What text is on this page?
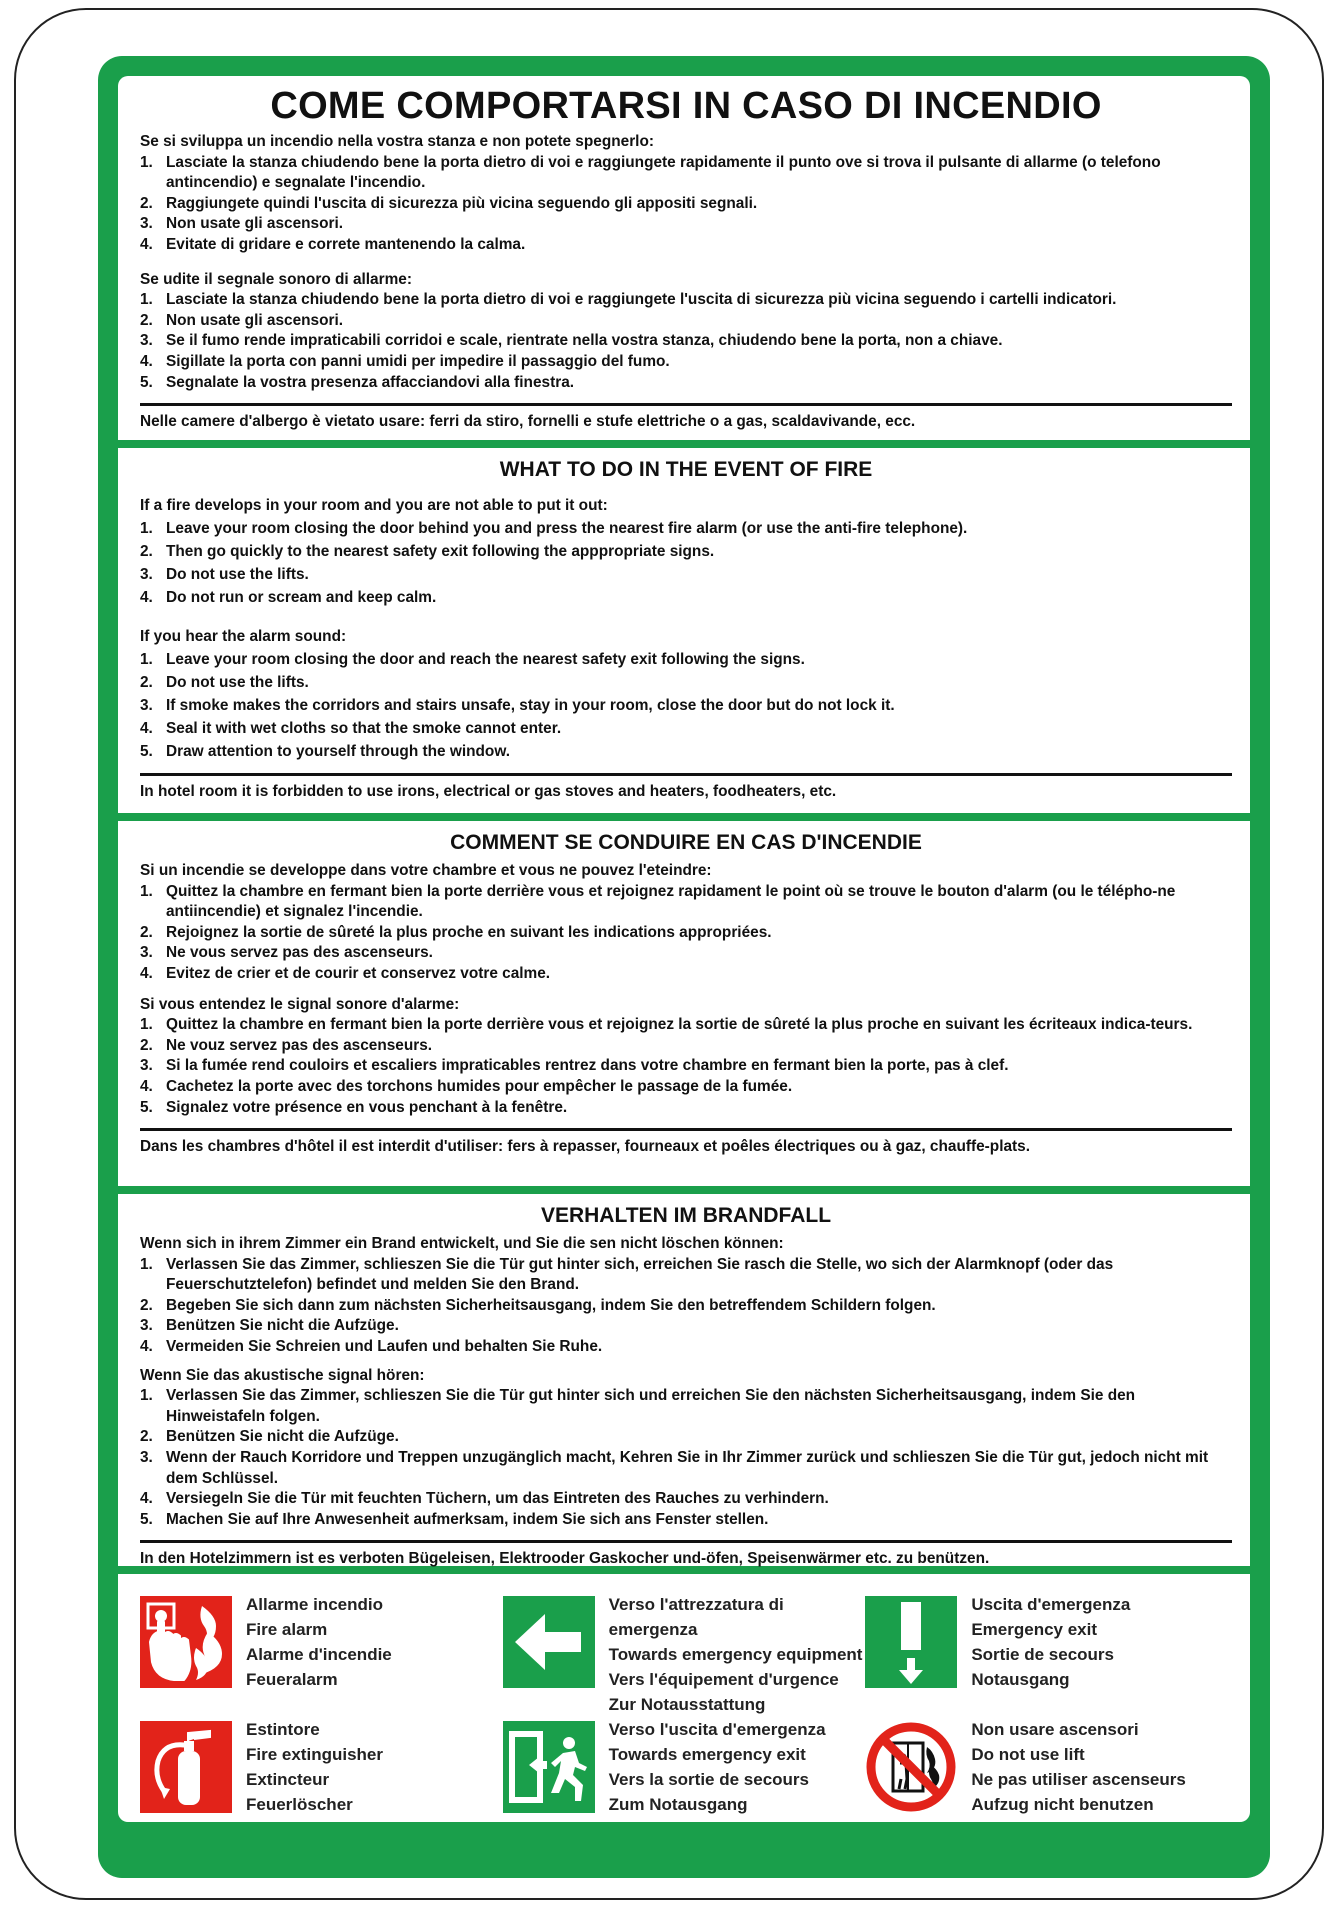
COME COMPORTARSI IN CASO DI INCENDIO
Se si sviluppa un incendio nella vostra stanza e non potete spegnerlo:
1. Lasciate la stanza chiudendo bene la porta dietro di voi e raggiungete rapidamente il punto ove si trova il pulsante di allarme (o telefono antincendio) e segnalate l'incendio.
2. Raggiungete quindi l'uscita di sicurezza più vicina seguendo gli appositi segnali.
3. Non usate gli ascensori.
4. Evitate di gridare e correte mantenendo la calma.
Se udite il segnale sonoro di allarme:
1. Lasciate la stanza chiudendo bene la porta dietro di voi e raggiungete l'uscita di sicurezza più vicina seguendo i cartelli indicatori.
2. Non usate gli ascensori.
3. Se il fumo rende impraticabili corridoi e scale, rientrate nella vostra stanza, chiudendo bene la porta, non a chiave.
4. Sigillate la porta con panni umidi per impedire il passaggio del fumo.
5. Segnalate la vostra presenza affacciandovi alla finestra.
Nelle camere d'albergo è vietato usare: ferri da stiro, fornelli e stufe elettriche o a gas, scaldavivande, ecc.
WHAT TO DO IN THE EVENT OF FIRE
If a fire develops in your room and you are not able to put it out:
1. Leave your room closing the door behind you and press the nearest fire alarm (or use the anti-fire telephone).
2. Then go quickly to the nearest safety exit following the apppropriate signs.
3. Do not use the lifts.
4. Do not run or scream and keep calm.
If you hear the alarm sound:
1. Leave your room closing the door and reach the nearest safety exit following the signs.
2. Do not use the lifts.
3. If smoke makes the corridors and stairs unsafe, stay in your room, close the door but do not lock it.
4. Seal it with wet cloths so that the smoke cannot enter.
5. Draw attention to yourself through the window.
In hotel room it is forbidden to use irons, electrical or gas stoves and heaters, foodheaters, etc.
COMMENT SE CONDUIRE EN CAS D'INCENDIE
Si un incendie se developpe dans votre chambre et vous ne pouvez l'eteindre:
1. Quittez la chambre en fermant bien la porte derrière vous et rejoignez rapidament le point où se trouve le bouton d'alarm (ou le télépho-ne antiincendie) et signalez l'incendie.
2. Rejoignez la sortie de sûreté la plus proche en suivant les indications appropriées.
3. Ne vous servez pas des ascenseurs.
4. Evitez de crier et de courir et conservez votre calme.
Si vous entendez le signal sonore d'alarme:
1. Quittez la chambre en fermant bien la porte derrière vous et rejoignez la sortie de sûreté la plus proche en suivant les écriteaux indica-teurs.
2. Ne vouz servez pas des ascenseurs.
3. Si la fumée rend couloirs et escaliers impraticables rentrez dans votre chambre en fermant bien la porte, pas à clef.
4. Cachetez la porte avec des torchons humides pour empêcher le passage de la fumée.
5. Signalez votre présence en vous penchant à la fenêtre.
Dans les chambres d'hôtel il est interdit d'utiliser: fers à repasser, fourneaux et poêles électriques ou à gaz, chauffe-plats.
VERHALTEN IM BRANDFALL
Wenn sich in ihrem Zimmer ein Brand entwickelt, und Sie die sen nicht löschen können:
1. Verlassen Sie das Zimmer, schlieszen Sie die Tür gut hinter sich, erreichen Sie rasch die Stelle, wo sich der Alarmknopf (oder das Feuerschutztelefon) befindet und melden Sie den Brand.
2. Begeben Sie sich dann zum nächsten Sicherheitsausgang, indem Sie den betreffendem Schildern folgen.
3. Benützen Sie nicht die Aufzüge.
4. Vermeiden Sie Schreien und Laufen und behalten Sie Ruhe.
Wenn Sie das akustische signal hören:
1. Verlassen Sie das Zimmer, schlieszen Sie die Tür gut hinter sich und erreichen Sie den nächsten Sicherheitsausgang, indem Sie den Hinweistafeln folgen.
2. Benützen Sie nicht die Aufzüge.
3. Wenn der Rauch Korridore und Treppen unzugänglich macht, Kehren Sie in Ihr Zimmer zurück und schlieszen Sie die Tür gut, jedoch nicht mit dem Schlüssel.
4. Versiegeln Sie die Tür mit feuchten Tüchern, um das Eintreten des Rauches zu verhindern.
5. Machen Sie auf Ihre Anwesenheit aufmerksam, indem Sie sich ans Fenster stellen.
In den Hotelzimmern ist es verboten Bügeleisen, Elektrooder Gaskocher und-öfen, Speisenwärmer etc. zu benützen.
Allarme incendio
Fire alarm
Alarme d'incendie
Feueralarm
Verso l'attrezzatura di emergenza
Towards emergency equipment
Vers l'équipement d'urgence
Zur Notausstattung
Uscita d'emergenza
Emergency exit
Sortie de secours
Notausgang
Estintore
Fire extinguisher
Extincteur
Feuerlöscher
Verso l'uscita d'emergenza
Towards emergency exit
Vers la sortie de secours
Zum Notausgang
Non usare ascensori
Do not use lift
Ne pas utiliser ascenseurs
Aufzug nicht benutzen
